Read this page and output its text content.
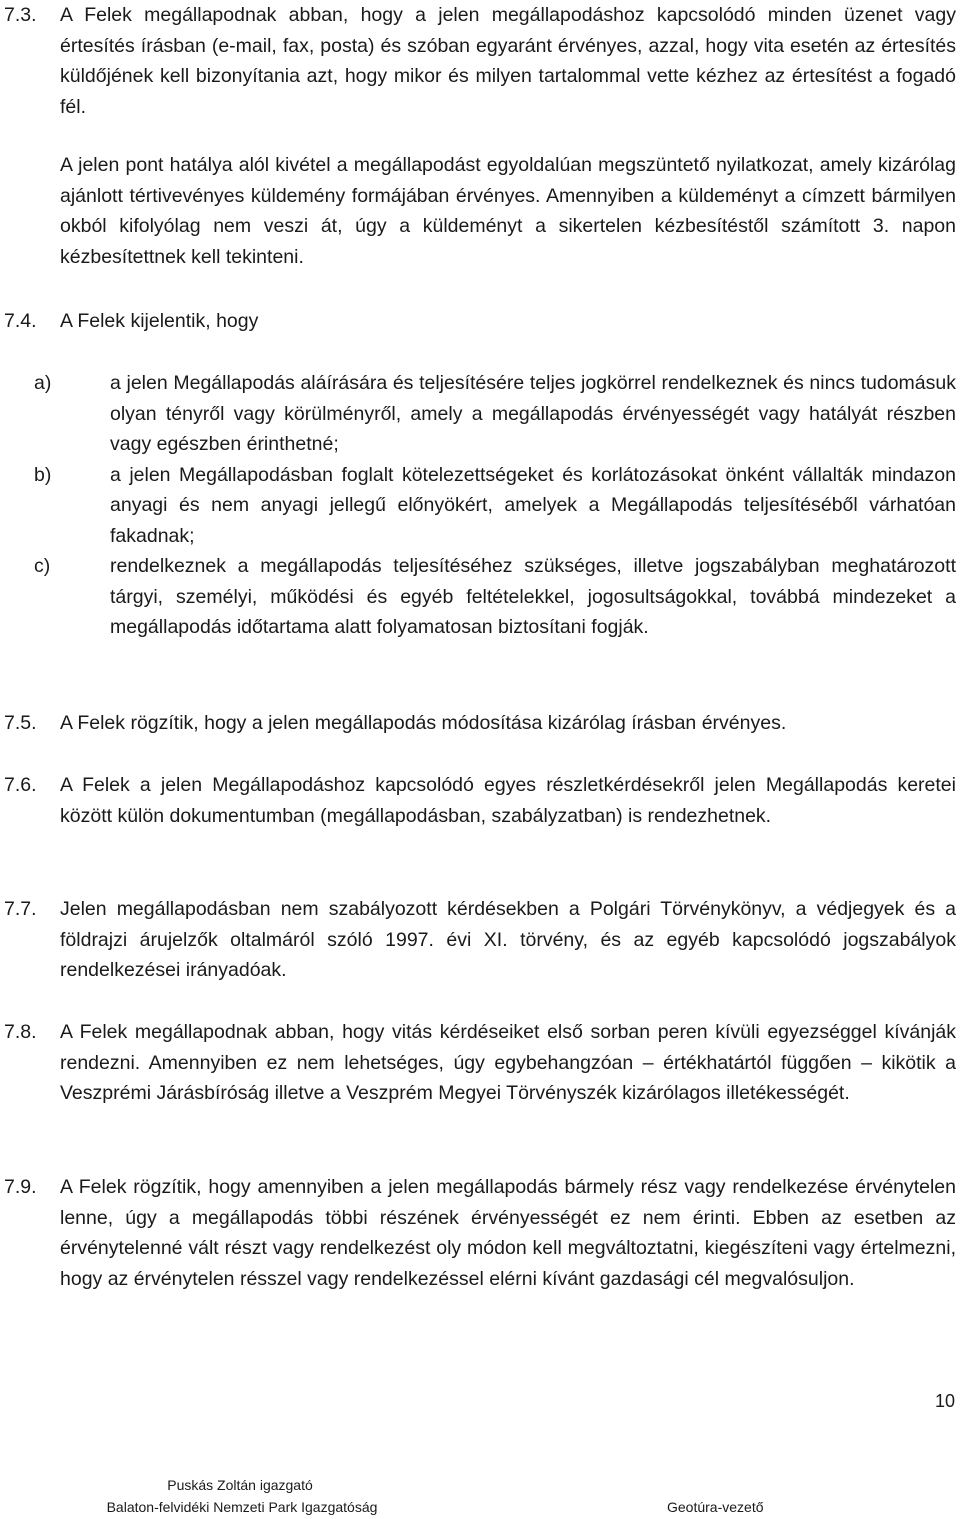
7.3. A Felek megállapodnak abban, hogy a jelen megállapodáshoz kapcsolódó minden üzenet vagy értesítés írásban (e-mail, fax, posta) és szóban egyaránt érvényes, azzal, hogy vita esetén az értesítés küldőjének kell bizonyítania azt, hogy mikor és milyen tartalommal vette kézhez az értesítést a fogadó fél.
A jelen pont hatálya alól kivétel a megállapodást egyoldalúan megszüntető nyilatkozat, amely kizárólag ajánlott tértivevényes küldemény formájában érvényes. Amennyiben a küldeményt a címzett bármilyen okból kifolyólag nem veszi át, úgy a küldeményt a sikertelen kézbesítéstől számított 3. napon kézbesítettnek kell tekinteni.
7.4. A Felek kijelentik, hogy
a)	a jelen Megállapodás aláírására és teljesítésére teljes jogkörrel rendelkeznek és nincs tudomásuk olyan tényről vagy körülményről, amely a megállapodás érvényességét vagy hatályát részben vagy egészben érinthetné;
b)	a jelen Megállapodásban foglalt kötelezettségeket és korlátozásokat önként vállalták mindazon anyagi és nem anyagi jellegű előnyökért, amelyek a Megállapodás teljesítéséből várhatóan fakadnak;
c)	rendelkeznek a megállapodás teljesítéséhez szükséges, illetve jogszabályban meghatározott tárgyi, személyi, működési és egyéb feltételekkel, jogosultságokkal, továbbá mindezeket a megállapodás időtartama alatt folyamatosan biztosítani fogják.
7.5. A Felek rögzítik, hogy a jelen megállapodás módosítása kizárólag írásban érvényes.
7.6. A Felek a jelen Megállapodáshoz kapcsolódó egyes részletkérdésekről jelen Megállapodás keretei között külön dokumentumban (megállapodásban, szabályzatban) is rendezhetnek.
7.7. Jelen megállapodásban nem szabályozott kérdésekben a Polgári Törvénykönyv, a védjegyek és a földrajzi árujelzők oltalmáról szóló 1997. évi XI. törvény, és az egyéb kapcsolódó jogszabályok rendelkezései irányadóak.
7.8. A Felek megállapodnak abban, hogy vitás kérdéseiket első sorban peren kívüli egyezséggel kívánják rendezni. Amennyiben ez nem lehetséges, úgy egybehangzóan – értékhatártól függően – kikötik a Veszprémi Járásbíróság illetve a Veszprém Megyei Törvényszék kizárólagos illetékességét.
7.9. A Felek rögzítik, hogy amennyiben a jelen megállapodás bármely rész vagy rendelkezése érvénytelen lenne, úgy a megállapodás többi részének érvényességét ez nem érinti. Ebben az esetben az érvénytelenné vált részt vagy rendelkezést oly módon kell megváltoztatni, kiegészíteni vagy értelmezni, hogy az érvénytelen résszel vagy rendelkezéssel elérni kívánt gazdasági cél megvalósuljon.
10
Puskás Zoltán igazgató
Balaton-felvidéki Nemzeti Park Igazgatóság	Geotúra-vezető
